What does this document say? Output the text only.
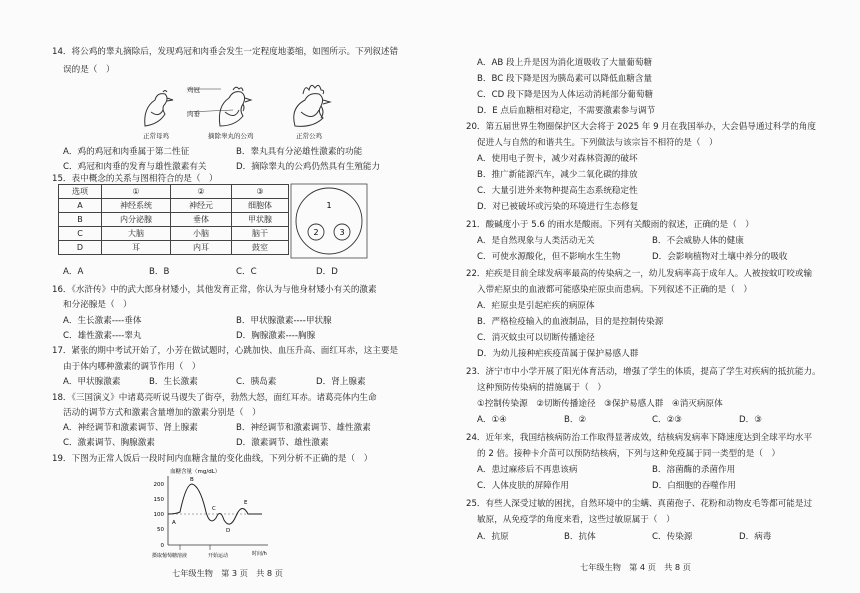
14．将公鸡的睾丸摘除后，发现鸡冠和肉垂会发生一定程度地萎缩，如图所示。下列叙述错
误的是（　）
鸡冠
肉垂
正常母鸡	摘除睾丸的公鸡	正常公鸡
A．鸡的鸡冠和肉垂属于第二性征	B．睾丸具有分泌雄性激素的功能
C．鸡冠和肉垂的发育与雄性激素有关	D．摘除睾丸的公鸡仍然具有生殖能力
15．表中概念的关系与图相符合的是（　）
选项	①	②	③
A	神经系统	神经元	细胞体
B	内分泌腺	垂体	甲状腺
C	大脑	小脑	脑干
D	耳	内耳	鼓室
1
2	3
A．A	B．B	C．C	D．D
16．《水浒传》中的武大郎身材矮小，其他发育正常，你认为与他身材矮小有关的激素
和分泌腺是（　）
A．生长激素----垂体	B．甲状腺激素----甲状腺
C．雄性激素----睾丸	D．胸腺激素----胸腺
17．紧张的期中考试开始了，小芳在做试题时，心跳加快、血压升高、面红耳赤，这主要是
由于体内哪种激素的调节作用（　）
A．甲状腺激素	B．生长激素	C．胰岛素	D．肾上腺素
18．《三国演义》中诸葛亮听说马谡失了街亭，勃然大怒，面红耳赤。诸葛亮体内生命
活动的调节方式和激素含量增加的激素分别是（　）
A．神经调节和激素调节、肾上腺素	B．神经调节和激素调节、雄性激素
C．激素调节、胸腺激素	D．激素调节、雄性激素
19．下图为正常人饭后一段时间内血糖含量的变化曲线，下列分析不正确的是（　）
血糖含量（mg/dL）
200
150
100
50
0
A
B
C
D
E
摄取葡萄糖溶液	开始运动	时间/h
七年级生物　第 3 页　共 8 页
A．AB 段上升是因为消化道吸收了大量葡萄糖
B．BC 段下降是因为胰岛素可以降低血糖含量
C．CD 段下降是因为人体运动消耗部分葡萄糖
D．E 点后血糖相对稳定，不需要激素参与调节
20．第五届世界生物圈保护区大会将于 2025 年 9 月在我国举办，大会倡导通过科学的角度
促进人与自然的和谐共生。下列做法与该宗旨不相符的是（　）
A．使用电子贺卡，减少对森林资源的破坏
B．推广新能源汽车，减少二氧化碳的排放
C．大量引进外来物种提高生态系统稳定性
D．对已被破坏或污染的环境进行生态修复
21．酸碱度小于 5.6 的雨水是酸雨。下列有关酸雨的叙述，正确的是（　）
A．是自然现象与人类活动无关	B．不会威胁人体的健康
C．可使水源酸化，但不影响水生生物	D．会影响植物对土壤中养分的吸收
22．疟疾是目前全球发病率最高的传染病之一，幼儿发病率高于成年人。人被按蚊叮咬或输
入带疟原虫的血液都可能感染疟原虫而患病。下列叙述不正确的是（　）
A．疟原虫是引起疟疾的病原体
B．严格检疫输入的血液制品，目的是控制传染源
C．消灭蚊虫可以切断传播途径
D．为幼儿接种疟疾疫苗属于保护易感人群
23．济宁市中小学开展了阳光体育活动，增强了学生的体质，提高了学生对疾病的抵抗能力。
这种预防传染病的措施属于（　）
①控制传染源　②切断传播途径　③保护易感人群　④消灭病原体
A．①④	B．②	C．②③	D．③
24．近年来，我国结核病防治工作取得显著成效，结核病发病率下降速度达到全球平均水平
的 2 倍。接种卡介苗可以预防结核病，下列与这种免疫属于同一类型的是（　）
A．患过麻疹后不再患该病	B．溶菌酶的杀菌作用
C．人体皮肤的屏障作用	D．白细胞的吞噬作用
25．有些人深受过敏的困扰，自然环境中的尘螨、真菌孢子、花粉和动物皮毛等都可能是过
敏原，从免疫学的角度来看，这些过敏原属于（　）
A．抗原	B．抗体	C．传染源	D．病毒
七年级生物　第 4 页　共 8 页
